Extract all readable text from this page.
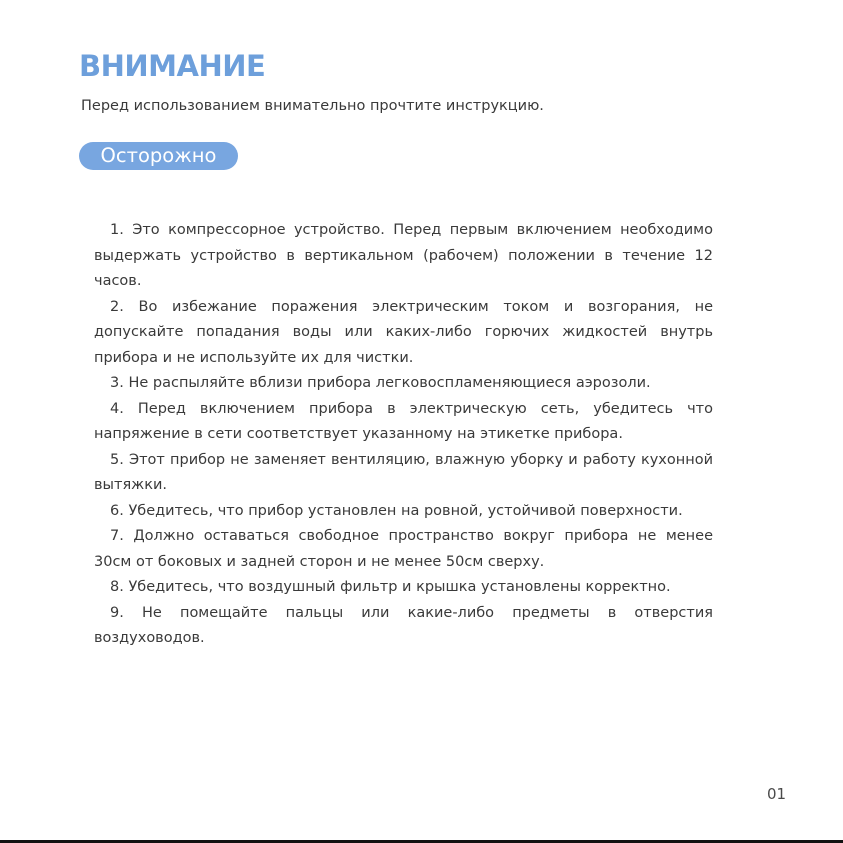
ВНИМАНИЕ

Перед использованием внимательно прочтите инструкцию.

Осторожно
1. Это компрессорное устройство. Перед первым включением необходимо выдержать устройство в вертикальном (рабочем) положении в течение 12 часов.
2. Во избежание поражения электрическим током и возгорания, не допускайте попадания воды или каких-либо горючих жидкостей внутрь прибора и не используйте их для чистки.
3. Не распыляйте вблизи прибора легковоспламеняющиеся аэрозоли.
4. Перед включением прибора в электрическую сеть, убедитесь что напряжение в сети соответствует указанному на этикетке прибора.
5. Этот прибор не заменяет вентиляцию, влажную уборку и работу кухонной вытяжки.
6. Убедитесь, что прибор установлен на ровной, устойчивой поверхности.
7. Должно оставаться свободное пространство вокруг прибора не менее 30см от боковых и задней сторон и не менее 50см сверху.
8. Убедитесь, что воздушный фильтр и крышка установлены корректно.
9. Не помещайте пальцы или какие-либо предметы в отверстия воздуховодов.
01
